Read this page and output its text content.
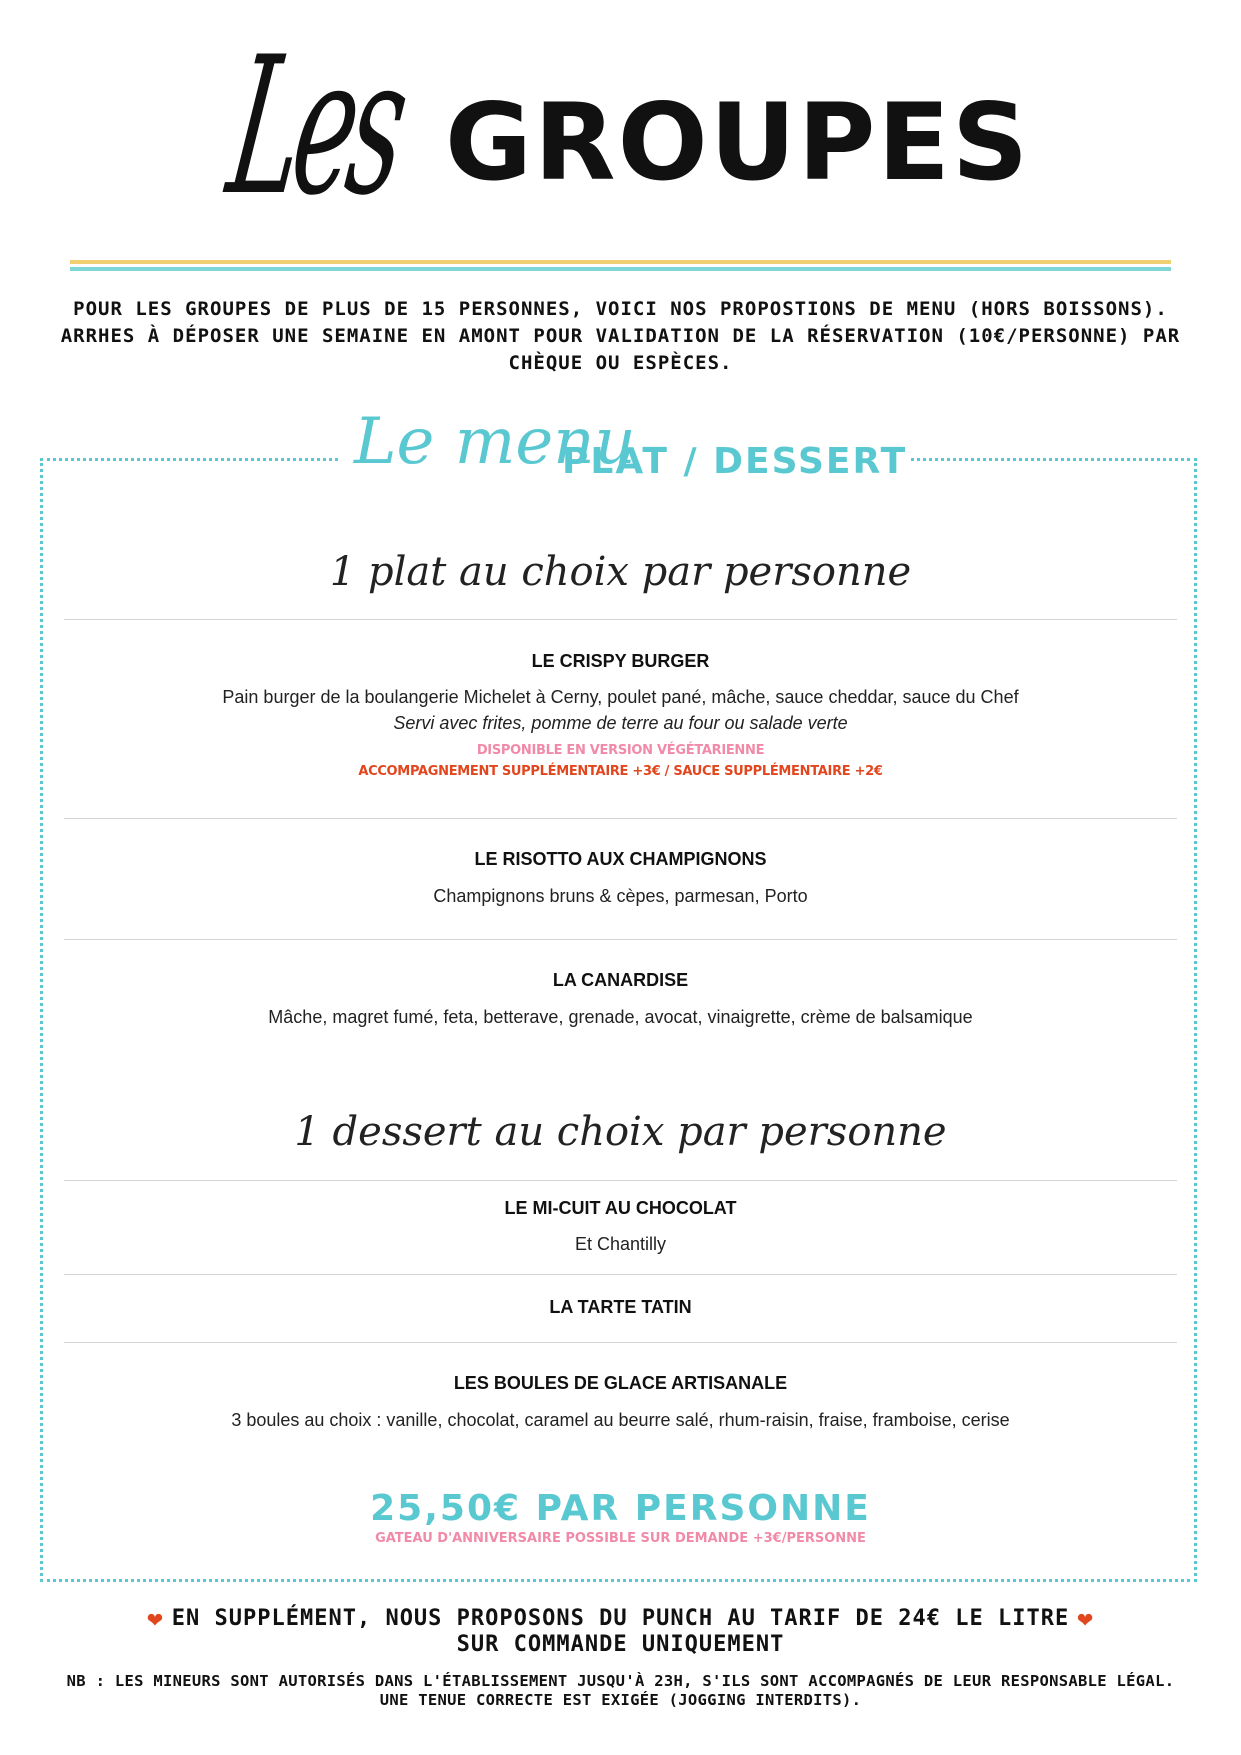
Les GROUPES
POUR LES GROUPES DE PLUS DE 15 PERSONNES, VOICI NOS PROPOSTIONS DE MENU (HORS BOISSONS).
ARRHES À DÉPOSER UNE SEMAINE EN AMONT POUR VALIDATION DE LA RÉSERVATION (10€/PERSONNE) PAR
CHÈQUE OU ESPÈCES.
Le menu
PLAT / DESSERT
1 plat au choix par personne
LE CRISPY BURGER
Pain burger de la boulangerie Michelet à Cerny, poulet pané, mâche, sauce cheddar, sauce du Chef
Servi avec frites, pomme de terre au four ou salade verte
DISPONIBLE EN VERSION VÉGÉTARIENNE
ACCOMPAGNEMENT SUPPLÉMENTAIRE +3€ / SAUCE SUPPLÉMENTAIRE +2€
LE RISOTTO AUX CHAMPIGNONS
Champignons bruns & cèpes, parmesan, Porto
LA CANARDISE
Mâche, magret fumé, feta, betterave, grenade, avocat, vinaigrette, crème de balsamique
1 dessert au choix par personne
LE MI-CUIT AU CHOCOLAT
Et Chantilly
LA TARTE TATIN
LES BOULES DE GLACE ARTISANALE
3 boules au choix : vanille, chocolat, caramel au beurre salé, rhum-raisin, fraise, framboise, cerise
25,50€ PAR PERSONNE
GATEAU D'ANNIVERSAIRE POSSIBLE SUR DEMANDE +3€/PERSONNE
❤ EN SUPPLÉMENT, NOUS PROPOSONS DU PUNCH AU TARIF DE 24€ LE LITRE ❤
SUR COMMANDE UNIQUEMENT
NB : LES MINEURS SONT AUTORISÉS DANS L'ÉTABLISSEMENT JUSQU'À 23H, S'ILS SONT ACCOMPAGNÉS DE LEUR RESPONSABLE LÉGAL.
UNE TENUE CORRECTE EST EXIGÉE (JOGGING INTERDITS).
